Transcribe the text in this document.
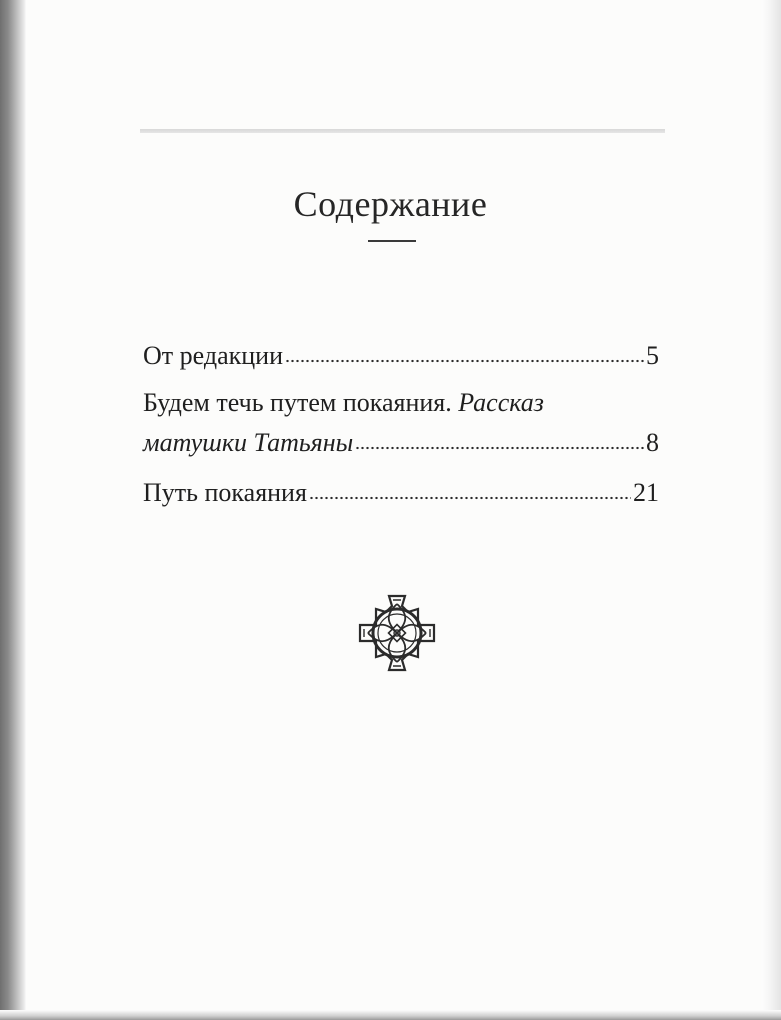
Содержание
От редакции	5
Будем течь путем покаяния. Рассказ
матушки Татьяны	8
Путь покаяния	21
